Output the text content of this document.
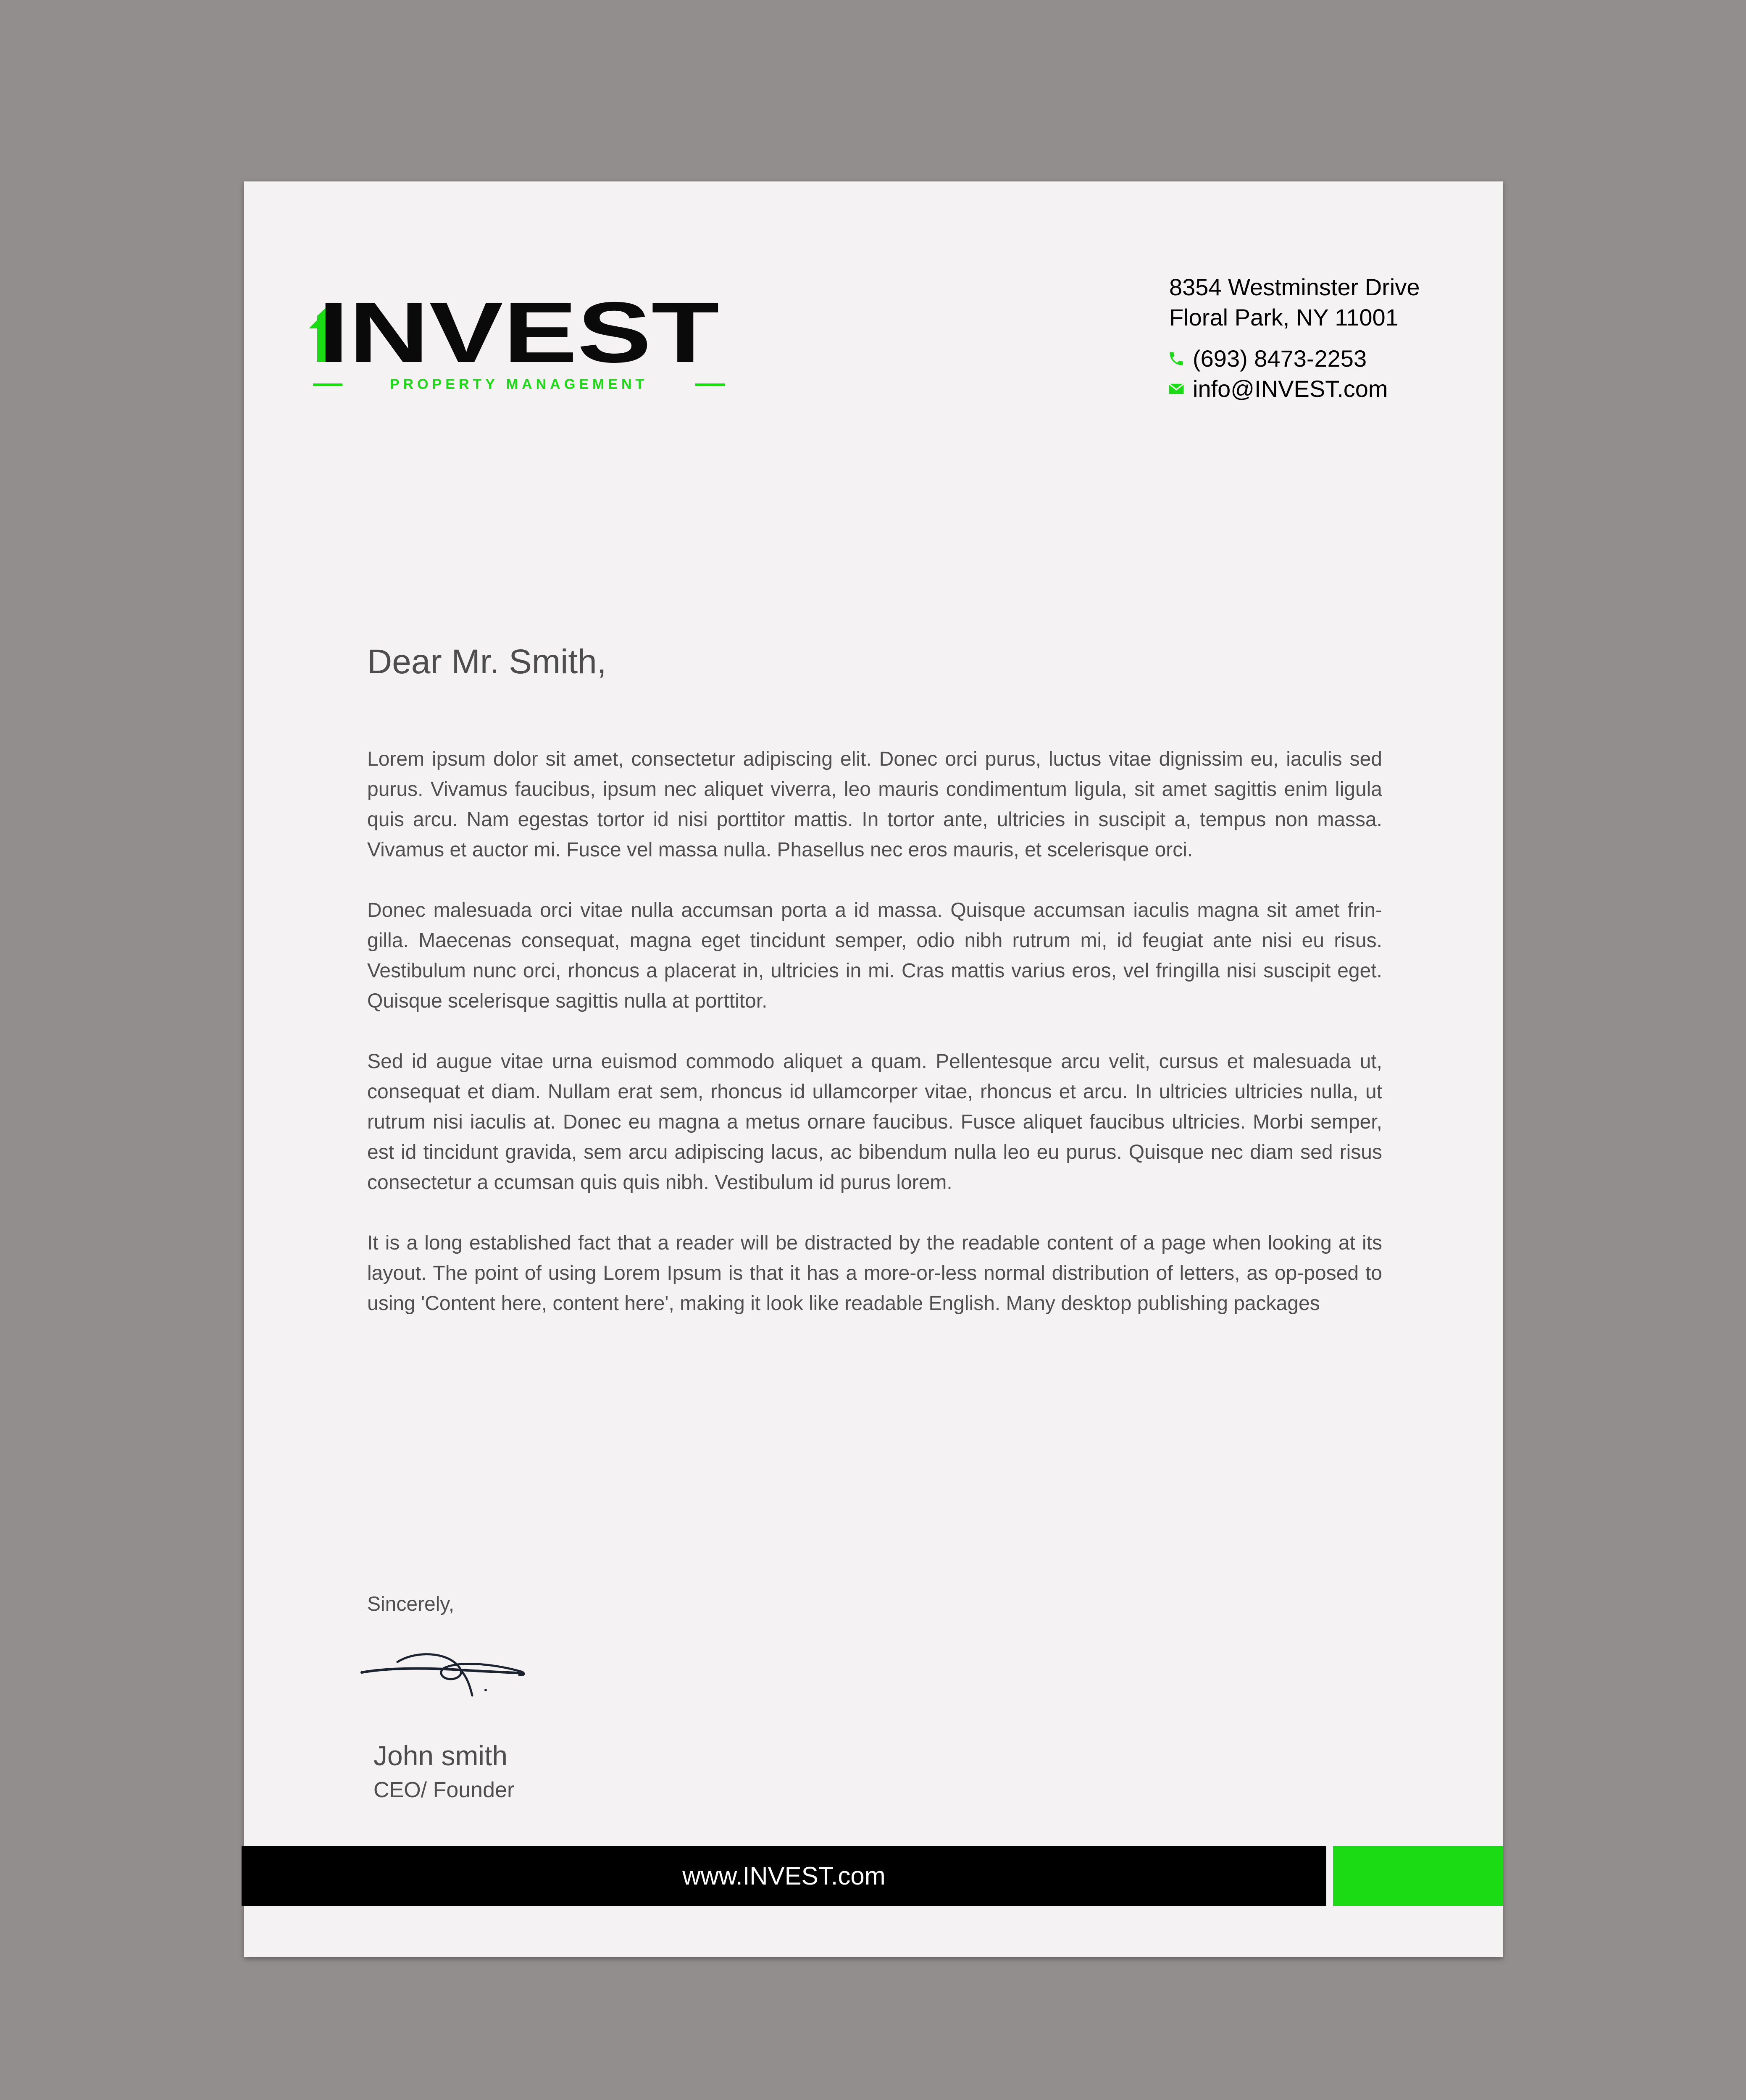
INVEST
PROPERTY MANAGEMENT
8354 Westminster Drive
Floral Park, NY 11001
(693) 8473-2253
info@INVEST.com
Dear Mr. Smith,

Lorem ipsum dolor sit amet, consectetur adipiscing elit. Donec orci purus, luctus vitae dignissim eu, iaculis sed purus. Vivamus faucibus, ipsum nec aliquet viverra, leo mauris condimentum ligula, sit amet sagittis enim ligula quis arcu. Nam egestas tortor id nisi porttitor mattis. In tortor ante, ultricies in suscipit a, tempus non massa. Vivamus et auctor mi. Fusce vel massa nulla. Phasellus nec eros mauris, et scelerisque orci.

Donec malesuada orci vitae nulla accumsan porta a id massa. Quisque accumsan iaculis magna sit amet frin-gilla. Maecenas consequat, magna eget tincidunt semper, odio nibh rutrum mi, id feugiat ante nisi eu risus. Vestibulum nunc orci, rhoncus a placerat in, ultricies in mi. Cras mattis varius eros, vel fringilla nisi suscipit eget. Quisque scelerisque sagittis nulla at porttitor.

Sed id augue vitae urna euismod commodo aliquet a quam. Pellentesque arcu velit, cursus et malesuada ut, consequat et diam. Nullam erat sem, rhoncus id ullamcorper vitae, rhoncus et arcu. In ultricies ultricies nulla, ut rutrum nisi iaculis at. Donec eu magna a metus ornare faucibus. Fusce aliquet faucibus ultricies. Morbi semper, est id tincidunt gravida, sem arcu adipiscing lacus, ac bibendum nulla leo eu purus. Quisque nec diam sed risus consectetur a ccumsan quis quis nibh. Vestibulum id purus lorem.

It is a long established fact that a reader will be distracted by the readable content of a page when looking at its layout. The point of using Lorem Ipsum is that it has a more-or-less normal distribution of letters, as op-posed to using 'Content here, content here', making it look like readable English. Many desktop publishing packages

Sincerely,
John smith
CEO/ Founder
www.INVEST.com
